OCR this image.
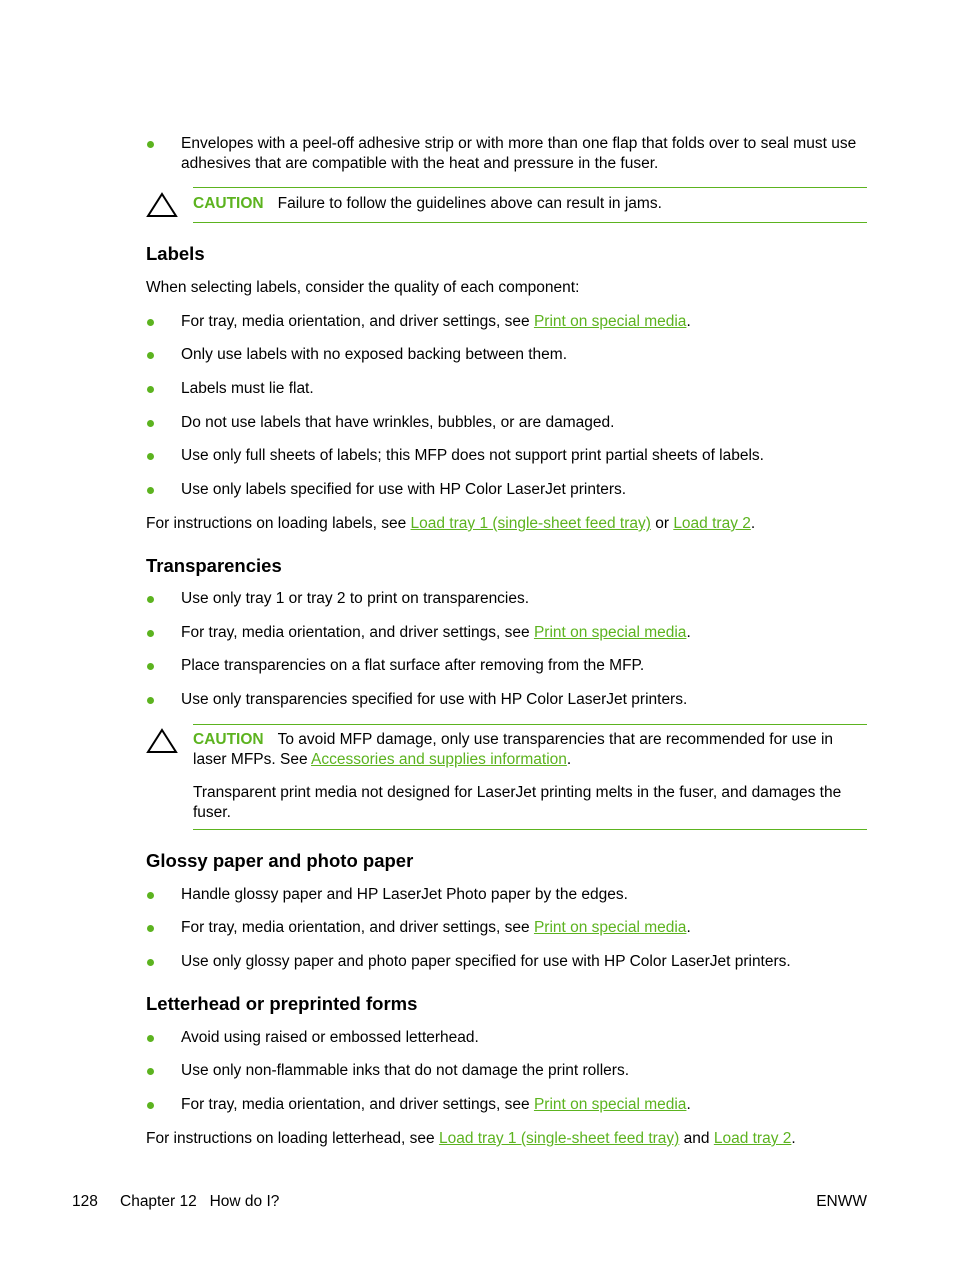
Envelopes with a peel-off adhesive strip or with more than one flap that folds over to seal must use adhesives that are compatible with the heat and pressure in the fuser.
CAUTION Failure to follow the guidelines above can result in jams.
Labels
When selecting labels, consider the quality of each component:
For tray, media orientation, and driver settings, see Print on special media.
Only use labels with no exposed backing between them.
Labels must lie flat.
Do not use labels that have wrinkles, bubbles, or are damaged.
Use only full sheets of labels; this MFP does not support print partial sheets of labels.
Use only labels specified for use with HP Color LaserJet printers.
For instructions on loading labels, see Load tray 1 (single-sheet feed tray) or Load tray 2.
Transparencies
Use only tray 1 or tray 2 to print on transparencies.
For tray, media orientation, and driver settings, see Print on special media.
Place transparencies on a flat surface after removing from the MFP.
Use only transparencies specified for use with HP Color LaserJet printers.
CAUTION To avoid MFP damage, only use transparencies that are recommended for use in laser MFPs. See Accessories and supplies information.
Transparent print media not designed for LaserJet printing melts in the fuser, and damages the fuser.
Glossy paper and photo paper
Handle glossy paper and HP LaserJet Photo paper by the edges.
For tray, media orientation, and driver settings, see Print on special media.
Use only glossy paper and photo paper specified for use with HP Color LaserJet printers.
Letterhead or preprinted forms
Avoid using raised or embossed letterhead.
Use only non-flammable inks that do not damage the print rollers.
For tray, media orientation, and driver settings, see Print on special media.
For instructions on loading letterhead, see Load tray 1 (single-sheet feed tray) and Load tray 2.
128 Chapter 12   How do I?	ENWW
